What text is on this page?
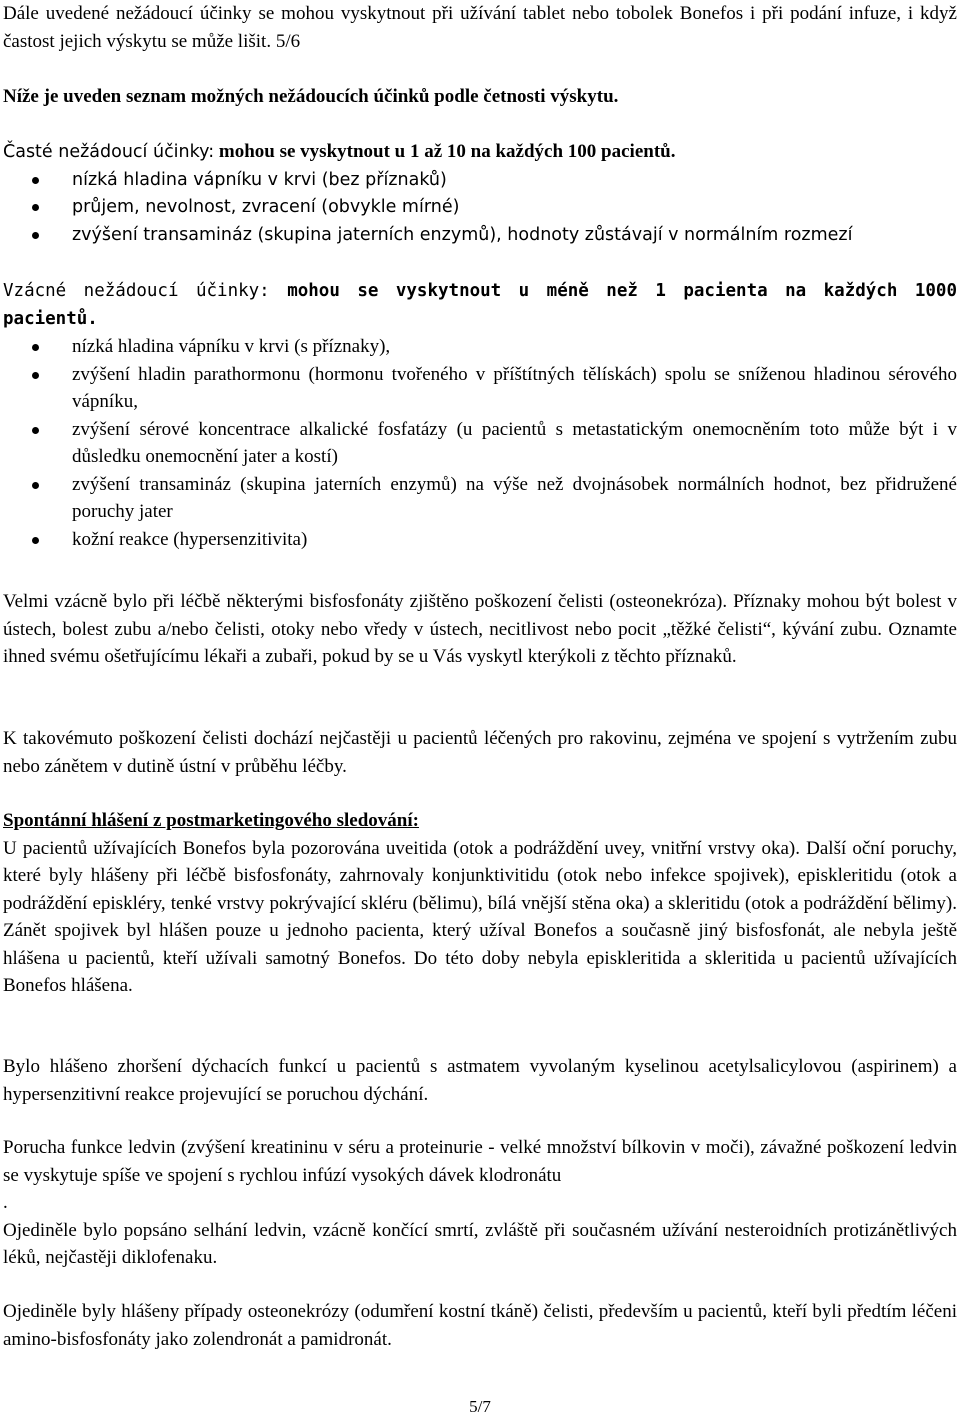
Dále uvedené nežádoucí účinky se mohou vyskytnout při užívání tablet nebo tobolek Bonefos i při podání infuze, i když častost jejich výskytu se může lišit. 5/6

Níže je uveden seznam možných nežádoucích účinků podle četnosti výskytu.

Časté nežádoucí účinky: mohou se vyskytnout u 1 až 10 na každých 100 pacientů.

nízká hladina vápníku v krvi (bez příznaků)
průjem, nevolnost, zvracení (obvykle mírné)
zvýšení transamináz (skupina jaterních enzymů), hodnoty zůstávají v normálním rozmezí

Vzácné nežádoucí účinky: mohou se vyskytnout u méně než 1 pacienta na každých 1000 pacientů.

nízká hladina vápníku v krvi (s příznaky),
zvýšení hladin parathormonu (hormonu tvořeného v příštítných tělískách) spolu se sníženou hladinou sérového vápníku,
zvýšení sérové koncentrace alkalické fosfatázy (u pacientů s metastatickým onemocněním toto může být i v důsledku onemocnění jater a kostí)
zvýšení transamináz (skupina jaterních enzymů) na výše než dvojnásobek normálních hodnot, bez přidružené poruchy jater
kožní reakce (hypersenzitivita)

Velmi vzácně bylo při léčbě některými bisfosfonáty zjištěno poškození čelisti (osteonekróza). Příznaky mohou být bolest v ústech, bolest zubu a/nebo čelisti, otoky nebo vředy v ústech, necitlivost nebo pocit „těžké čelisti“, kývání zubu. Oznamte ihned svému ošetřujícímu lékaři a zubaři, pokud by se u Vás vyskytl kterýkoli z těchto příznaků.

K takovémuto poškození čelisti dochází nejčastěji u pacientů léčených pro rakovinu, zejména ve spojení s vytržením zubu nebo zánětem v dutině ústní v průběhu léčby.

Spontánní hlášení z postmarketingového sledování:

U pacientů užívajících Bonefos byla pozorována uveitida (otok a podráždění uvey, vnitřní vrstvy oka). Další oční poruchy, které byly hlášeny při léčbě bisfosfonáty, zahrnovaly konjunktivitidu (otok nebo infekce spojivek), episkleritidu (otok a podráždění episkléry, tenké vrstvy pokrývající skléru (bělimu), bílá vnější stěna oka) a skleritidu (otok a podráždění bělimy). Zánět spojivek byl hlášen pouze u jednoho pacienta, který užíval Bonefos a současně jiný bisfosfonát, ale nebyla ještě hlášena u pacientů, kteří užívali samotný Bonefos. Do této doby nebyla episkleritida a skleritida u pacientů užívajících Bonefos hlášena.

Bylo hlášeno zhoršení dýchacích funkcí u pacientů s astmatem vyvolaným kyselinou acetylsalicylovou (aspirinem) a hypersenzitivní reakce projevující se poruchou dýchání.

Porucha funkce ledvin (zvýšení kreatininu v séru a proteinurie - velké množství bílkovin v moči), závažné poškození ledvin se vyskytuje spíše ve spojení s rychlou infúzí vysokých dávek klodronátu

.

Ojediněle bylo popsáno selhání ledvin, vzácně končící smrtí, zvláště při současném užívání nesteroidních protizánětlivých léků, nejčastěji diklofenaku.

Ojediněle byly hlášeny případy osteonekrózy (odumření kostní tkáně) čelisti, především u pacientů, kteří byli předtím léčeni amino-bisfosfonáty jako zolendronát a pamidronát.

5/7
